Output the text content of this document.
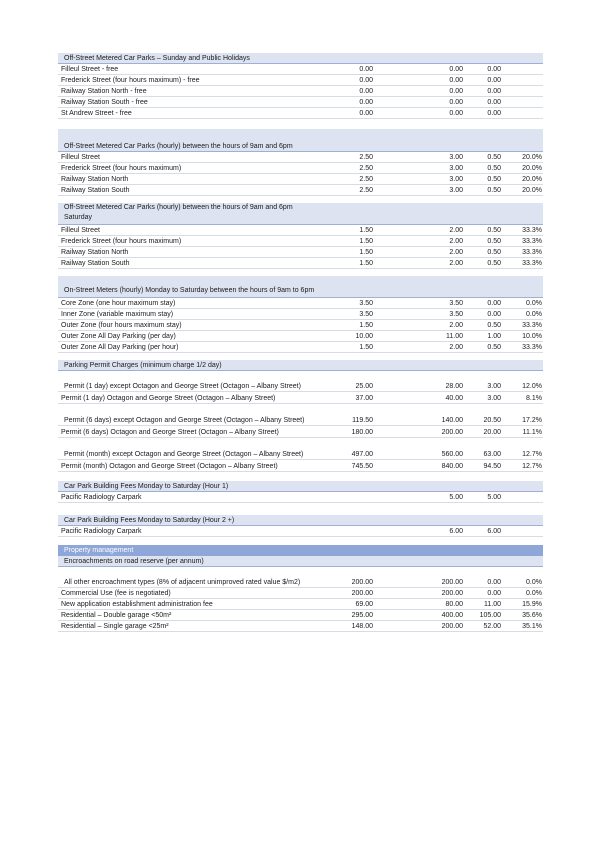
Off-Street Metered Car Parks – Sunday and Public Holidays
Filleul Street - free	0.00	0.00	0.00
Frederick Street (four hours maximum) - free	0.00	0.00	0.00
Railway Station North - free	0.00	0.00	0.00
Railway Station South - free	0.00	0.00	0.00
St Andrew Street - free	0.00	0.00	0.00
Off-Street Metered Car Parks (hourly) between the hours of 9am and 6pm
Filleul Street	2.50	3.00	0.50	20.0%
Frederick Street (four hours maximum)	2.50	3.00	0.50	20.0%
Railway Station North	2.50	3.00	0.50	20.0%
Railway Station South	2.50	3.00	0.50	20.0%
Off-Street Metered Car Parks (hourly) between the hours of 9am and 6pm Saturday
Filleul Street	1.50	2.00	0.50	33.3%
Frederick Street (four hours maximum)	1.50	2.00	0.50	33.3%
Railway Station North	1.50	2.00	0.50	33.3%
Railway Station South	1.50	2.00	0.50	33.3%
On-Street Meters (hourly) Monday to Saturday between the hours of 9am to 6pm
Core Zone (one hour maximum stay)	3.50	3.50	0.00	0.0%
Inner Zone (variable maximum stay)	3.50	3.50	0.00	0.0%
Outer Zone (four hours maximum stay)	1.50	2.00	0.50	33.3%
Outer Zone All Day Parking (per day)	10.00	11.00	1.00	10.0%
Outer Zone All Day Parking (per hour)	1.50	2.00	0.50	33.3%
Parking Permit Charges (minimum charge 1/2 day)
Permit (1 day) except Octagon and George Street (Octagon – Albany Street)	25.00	28.00	3.00	12.0%
Permit (1 day) Octagon and George Street (Octagon – Albany Street)	37.00	40.00	3.00	8.1%
Permit (6 days) except Octagon and George Street (Octagon – Albany Street)	119.50	140.00	20.50	17.2%
Permit (6 days) Octagon and George Street (Octagon – Albany Street)	180.00	200.00	20.00	11.1%
Permit (month) except Octagon and George Street (Octagon – Albany Street)	497.00	560.00	63.00	12.7%
Permit (month) Octagon and George Street (Octagon – Albany Street)	745.50	840.00	94.50	12.7%
Car Park Building Fees Monday to Saturday (Hour 1)
Pacific Radiology Carpark	5.00	5.00
Car Park Building Fees Monday to Saturday (Hour 2 +)
Pacific Radiology Carpark	6.00	6.00
Property management
Encroachments on road reserve (per annum)
All other encroachment types (8% of adjacent unimproved rated value $/m2)	200.00	200.00	0.00	0.0%
Commercial Use (fee is negotiated)	200.00	200.00	0.00	0.0%
New application establishment administration fee	69.00	80.00	11.00	15.9%
Residential – Double garage <50m²	295.00	400.00 105.00	35.6%
Residential – Single garage <25m²	148.00	200.00	52.00	35.1%
